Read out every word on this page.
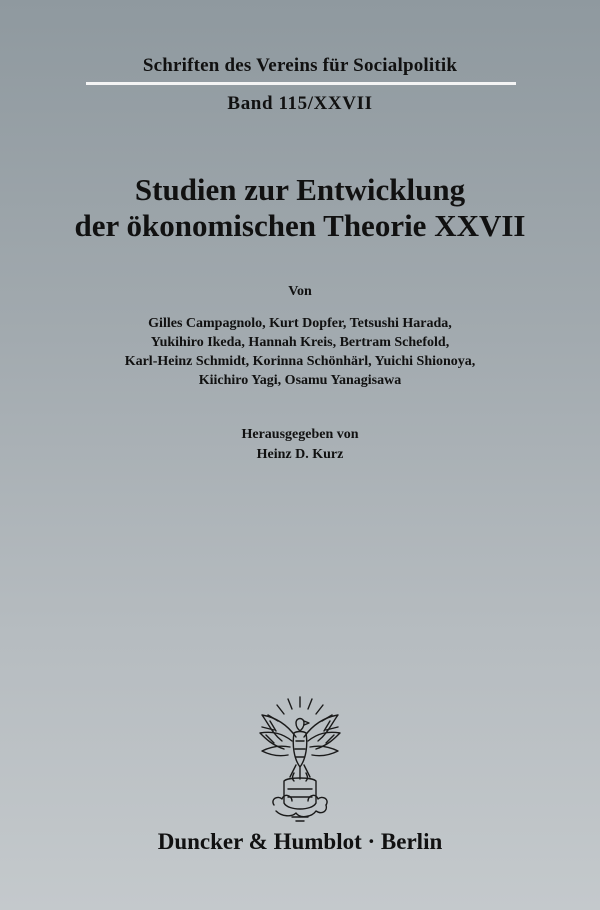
Schriften des Vereins für Socialpolitik
Band 115/XXVII
Studien zur Entwicklung
der ökonomischen Theorie XXVII
Von
Gilles Campagnolo, Kurt Dopfer, Tetsushi Harada,
Yukihiro Ikeda, Hannah Kreis, Bertram Schefold,
Karl-Heinz Schmidt, Korinna Schönhärl, Yuichi Shionoya,
Kiichiro Yagi, Osamu Yanagisawa
Herausgegeben von
Heinz D. Kurz
Duncker & Humblot · Berlin
